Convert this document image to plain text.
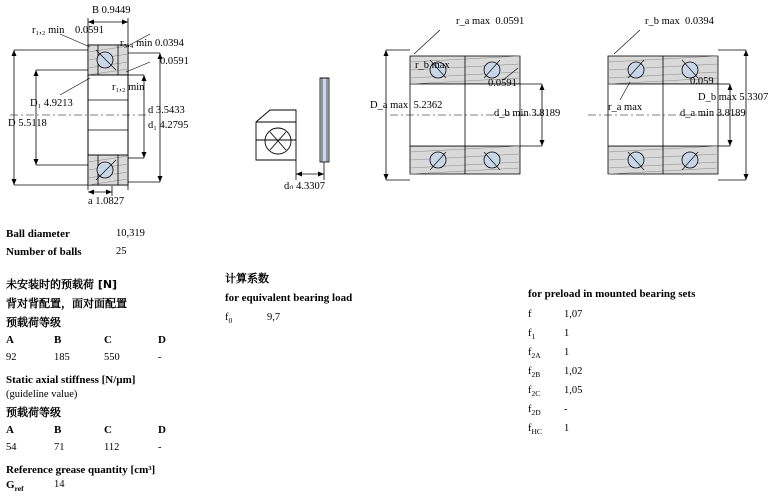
B 0.9449
r₁,₂ min 0.0591
r₃,₄ min 0.0394
0.0591
r₁,₂ min
D₁ 4.9213
D 5.5118
d 3.5433
d₁ 4.2795
a 1.0827
dₙ 4.3307
r_a max 0.0591
r_b max
0.0591
D_a max 5.2362
d_b min 3.8189
r_b max 0.0394
0.059
r_a max
D_b max 5.3307
d_a min 3.8189
Ball diameter	10,319
Number of balls	25
未安装时的预载荷 [N]
背对背配置，面对面配置
预载荷等级
A	B	C	D
92	185	550	-
Static axial stiffness [N/µm]
(guideline value)
预载荷等级
A	B	C	D
54	71	112	-
Reference grease quantity [cm³]
$G_{ref}$	14
计算系数
for equivalent bearing load
$f_0$	9,7
for preload in mounted bearing sets
f	1,07
$f_1$	1
$f_{2A}$ 1
$f_{2B}$ 1,02
$f_{2C}$ 1,05
$f_{2D}$ -
$f_{HC}$ 1
